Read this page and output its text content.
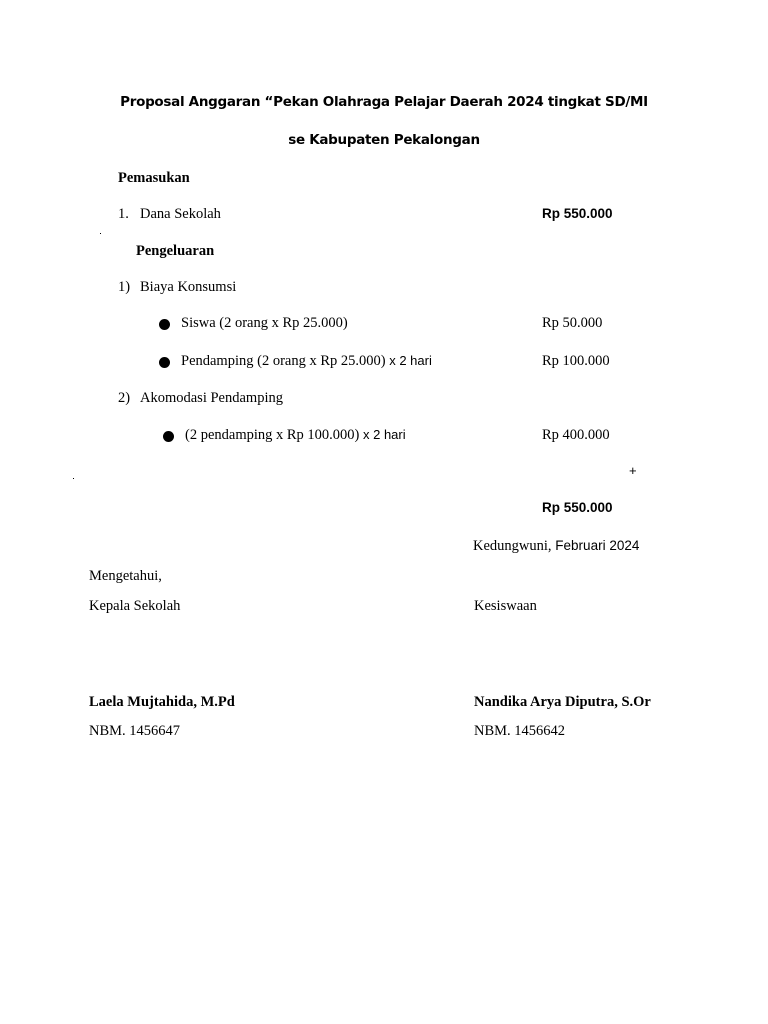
Proposal Anggaran “Pekan Olahraga Pelajar Daerah 2024 tingkat SD/MI
se Kabupaten Pekalongan
Pemasukan
1. Dana Sekolah	Rp 550.000
Pengeluaran
1) Biaya Konsumsi
Siswa (2 orang x Rp 25.000)	Rp 50.000
Pendamping (2 orang x Rp 25.000) x 2 hari	Rp 100.000
2) Akomodasi Pendamping
(2 pendamping x Rp 100.000) x 2 hari	Rp 400.000
+
Rp 550.000
Kedungwuni, Februari 2024
Mengetahui,
Kepala Sekolah	Kesiswaan
Laela Mujtahida, M.Pd	Nandika Arya Diputra, S.Or
NBM. 1456647	NBM. 1456642
